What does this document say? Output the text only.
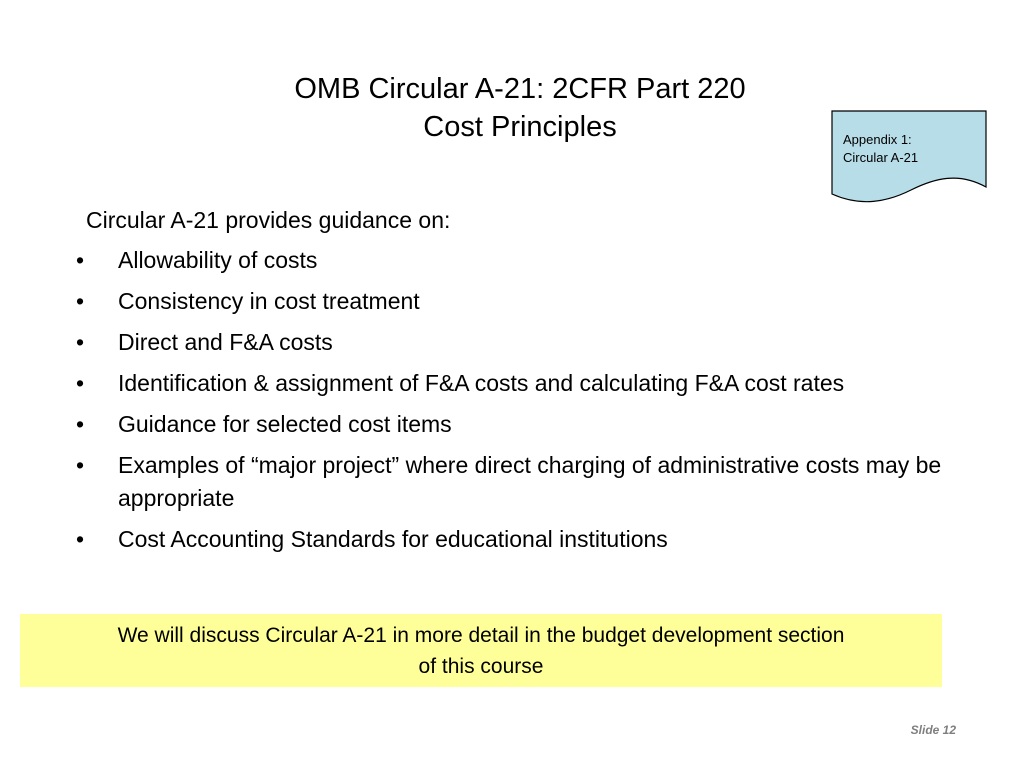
OMB Circular A-21: 2CFR Part 220
Cost Principles	Appendix 1:
Circular A-21
Circular A-21 provides guidance on:
• Allowability of costs
• Consistency in cost treatment
• Direct and F&A costs
• Identification & assignment of F&A costs and calculating F&A cost rates
• Guidance for selected cost items
• Examples of “major project” where direct charging of administrative costs may be appropriate
• Cost Accounting Standards for educational institutions
We will discuss Circular A-21 in more detail in the budget development section
of this course
Slide 12
